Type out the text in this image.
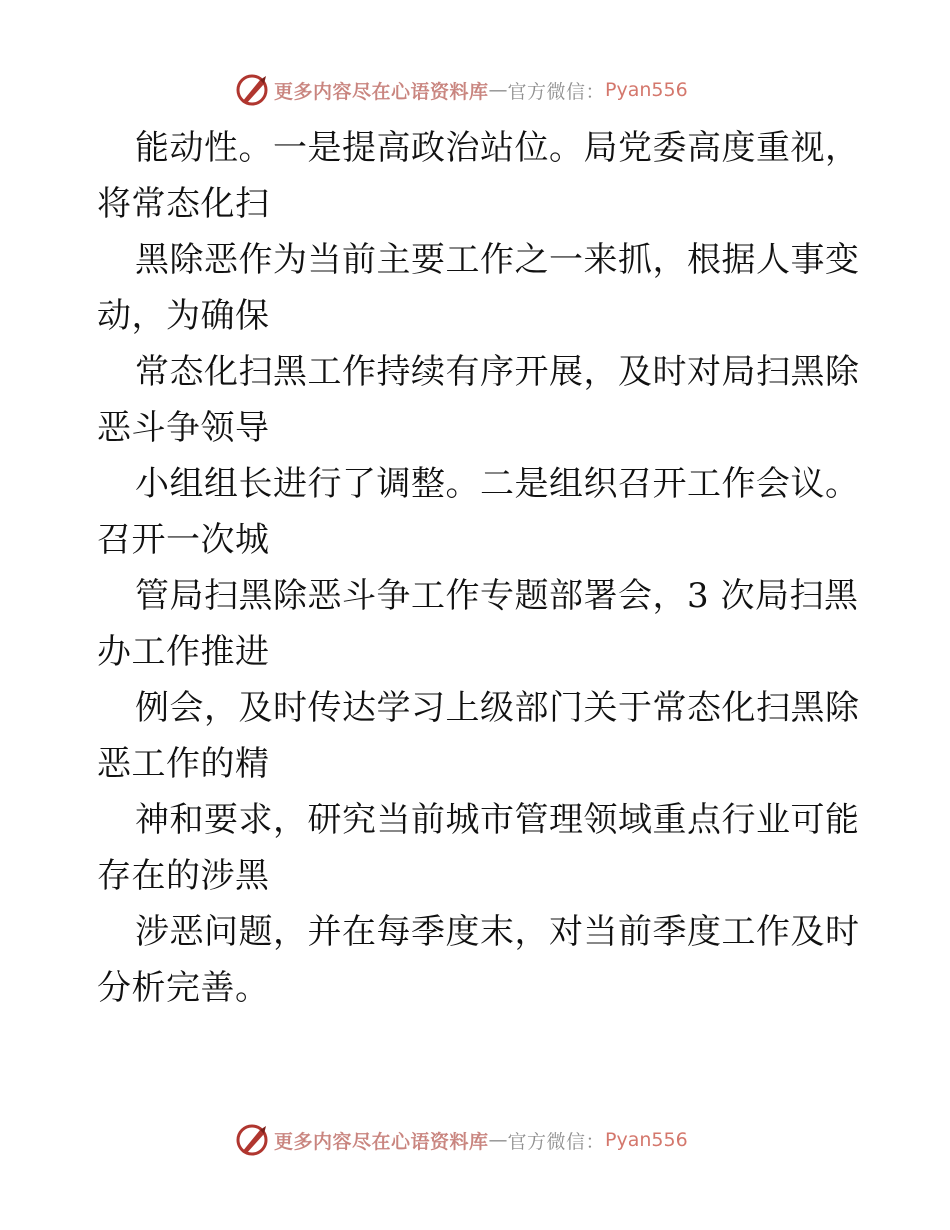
更多内容尽在心语资料库 — 官方微信： Pyan556

能动性。一是提高政治站位。局党委高度重视，
将常态化扫

黑除恶作为当前主要工作之一来抓，根据人事变
动，为确保

常态化扫黑工作持续有序开展，及时对局扫黑除
恶斗争领导

小组组长进行了调整。二是组织召开工作会议。
召开一次城

管局扫黑除恶斗争工作专题部署会，3 次局扫黑
办工作推进

例会，及时传达学习上级部门关于常态化扫黑除
恶工作的精

神和要求，研究当前城市管理领域重点行业可能
存在的涉黑

涉恶问题，并在每季度末，对当前季度工作及时
分析完善。

更多内容尽在心语资料库 — 官方微信： Pyan556
